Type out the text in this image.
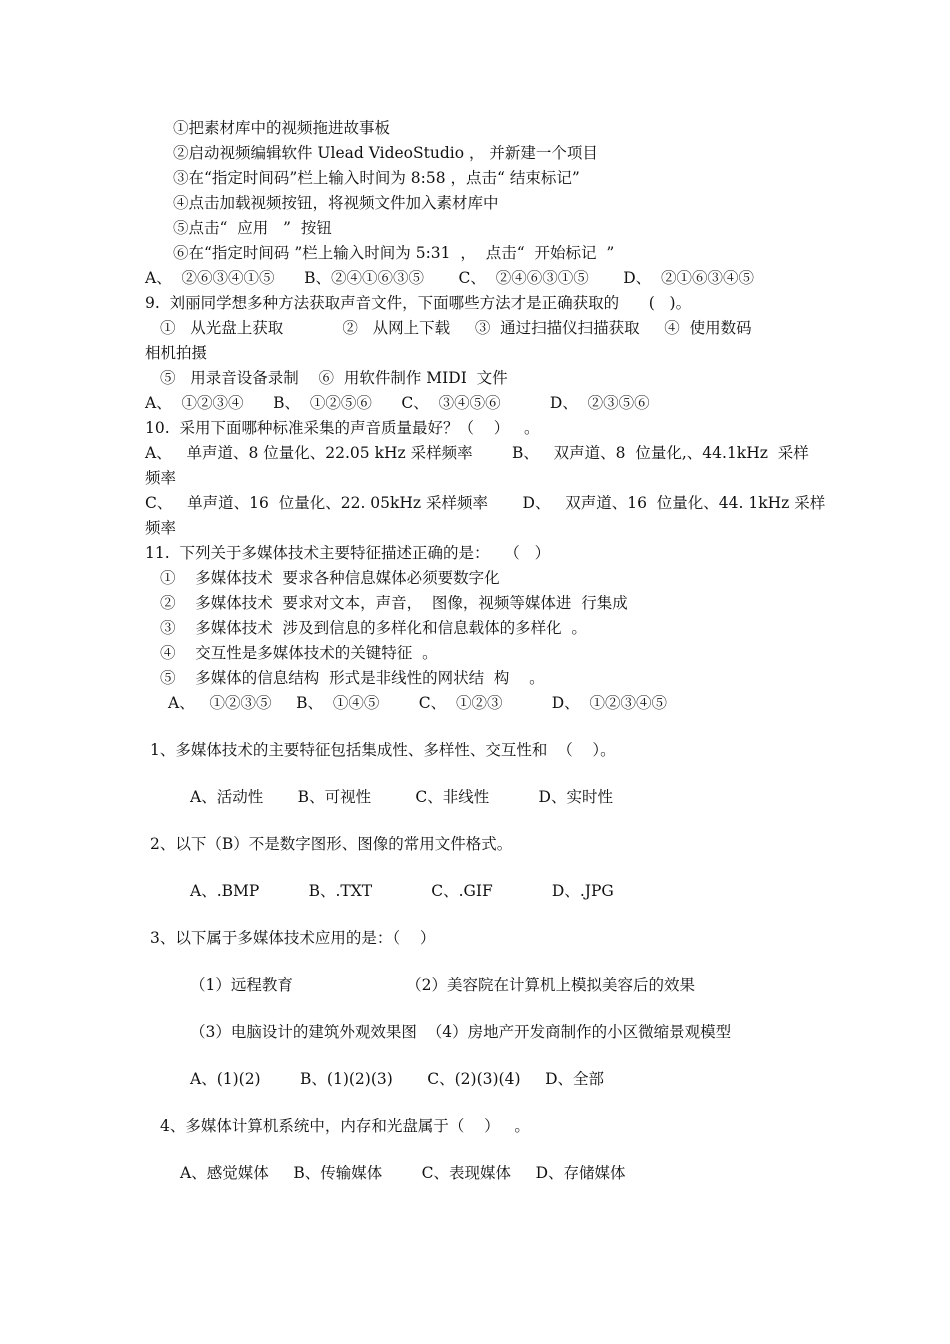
①把素材库中的视频拖进故事板

②启动视频编辑软件 Ulead VideoStudio ， 并新建一个项目

③在“指定时间码”栏上输入时间为 8:58 ，点击“ 结束标记”

④点击加载视频按钮，将视频文件加入素材库中

⑤点击“  应用   ”  按钮

⑥在“指定时间码 ”栏上输入时间为 5:31  ，  点击“  开始标记  ”

A、  ②⑥③④①⑤      B、②④①⑥③⑤       C、  ②④⑥③①⑤       D、  ②①⑥③④⑤

9.  刘丽同学想多种方法获取声音文件，下面哪些方法才是正确获取的      (   )。

①   从光盘上获取            ②   从网上下载     ③  通过扫描仪扫描获取     ④  使用数码

相机拍摄

⑤   用录音设备录制    ⑥  用软件制作 MIDI  文件

A、  ①②③④      B、  ①②⑤⑥      C、  ③④⑤⑥          D、  ②③⑤⑥

10.  采用下面哪种标准采集的声音质量最好？（    ）   。

A、   单声道、8 位量化、22.05 kHz 采样频率        B、   双声道、8  位量化,、44.1kHz  采样

频率

C、   单声道、16  位量化、22. 05kHz 采样频率       D、   双声道、16  位量化、44. 1kHz 采样

频率

11.  下列关于多媒体技术主要特征描述正确的是：   （   ）

①    多媒体技术  要求各种信息媒体必须要数字化

②    多媒体技术  要求对文本，声音，  图像，视频等媒体进  行集成

③    多媒体技术  涉及到信息的多样化和信息载体的多样化  。

④    交互性是多媒体技术的关键特征  。

⑤    多媒体的信息结构  形式是非线性的网状结  构    。

A、   ①②③⑤     B、  ①④⑤        C、  ①②③          D、  ①②③④⑤

1、多媒体技术的主要特征包括集成性、多样性、交互性和  （    ）。

A、活动性       B、可视性         C、非线性          D、实时性

2、以下（B）不是数字图形、图像的常用文件格式。

A、.BMP          B、.TXT            C、.GIF            D、.JPG

3、以下属于多媒体技术应用的是：（    ）

（1）远程教育                       （2）美容院在计算机上模拟美容后的效果

（3）电脑设计的建筑外观效果图  （4）房地产开发商制作的小区微缩景观模型

A、(1)(2)        B、(1)(2)(3)       C、(2)(3)(4)     D、全部

4、多媒体计算机系统中，内存和光盘属于（    ）   。

A、感觉媒体     B、传输媒体        C、表现媒体     D、存储媒体
